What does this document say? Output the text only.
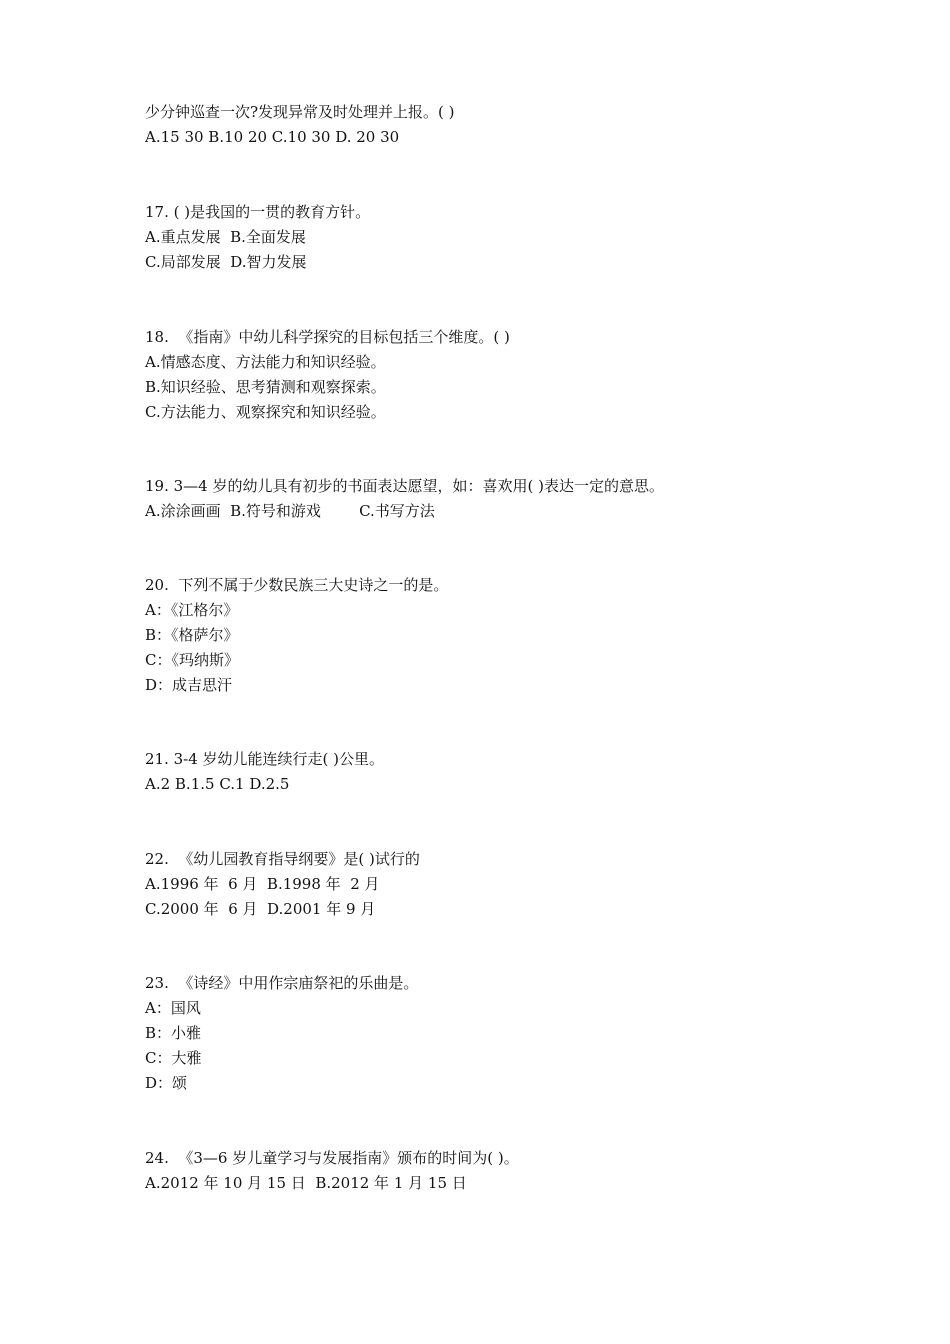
少分钟巡查一次?发现异常及时处理并上报。( )
A.15 30 B.10 20 C.10 30 D. 20 30
17. ( )是我国的一贯的教育方针。
A.重点发展  B.全面发展
C.局部发展  D.智力发展
18.  《指南》中幼儿科学探究的目标包括三个维度。( )
A.情感态度、方法能力和知识经验。
B.知识经验、思考猜测和观察探索。
C.方法能力、观察探究和知识经验。
19. 3—4 岁的幼儿具有初步的书面表达愿望，如：喜欢用( )表达一定的意思。
A.涂涂画画  B.符号和游戏        C.书写方法
20.  下列不属于少数民族三大史诗之一的是。
A：《江格尔》
B：《格萨尔》
C：《玛纳斯》
D：成吉思汗
21. 3-4 岁幼儿能连续行走( )公里。
A.2 B.1.5 C.1 D.2.5
22.  《幼儿园教育指导纲要》是( )试行的
A.1996 年  6 月  B.1998 年  2 月
C.2000 年  6 月  D.2001 年 9 月
23.  《诗经》中用作宗庙祭祀的乐曲是。
A：国风
B：小雅
C：大雅
D：颂
24.  《3—6 岁儿童学习与发展指南》颁布的时间为( )。
A.2012 年 10 月 15 日  B.2012 年 1 月 15 日
